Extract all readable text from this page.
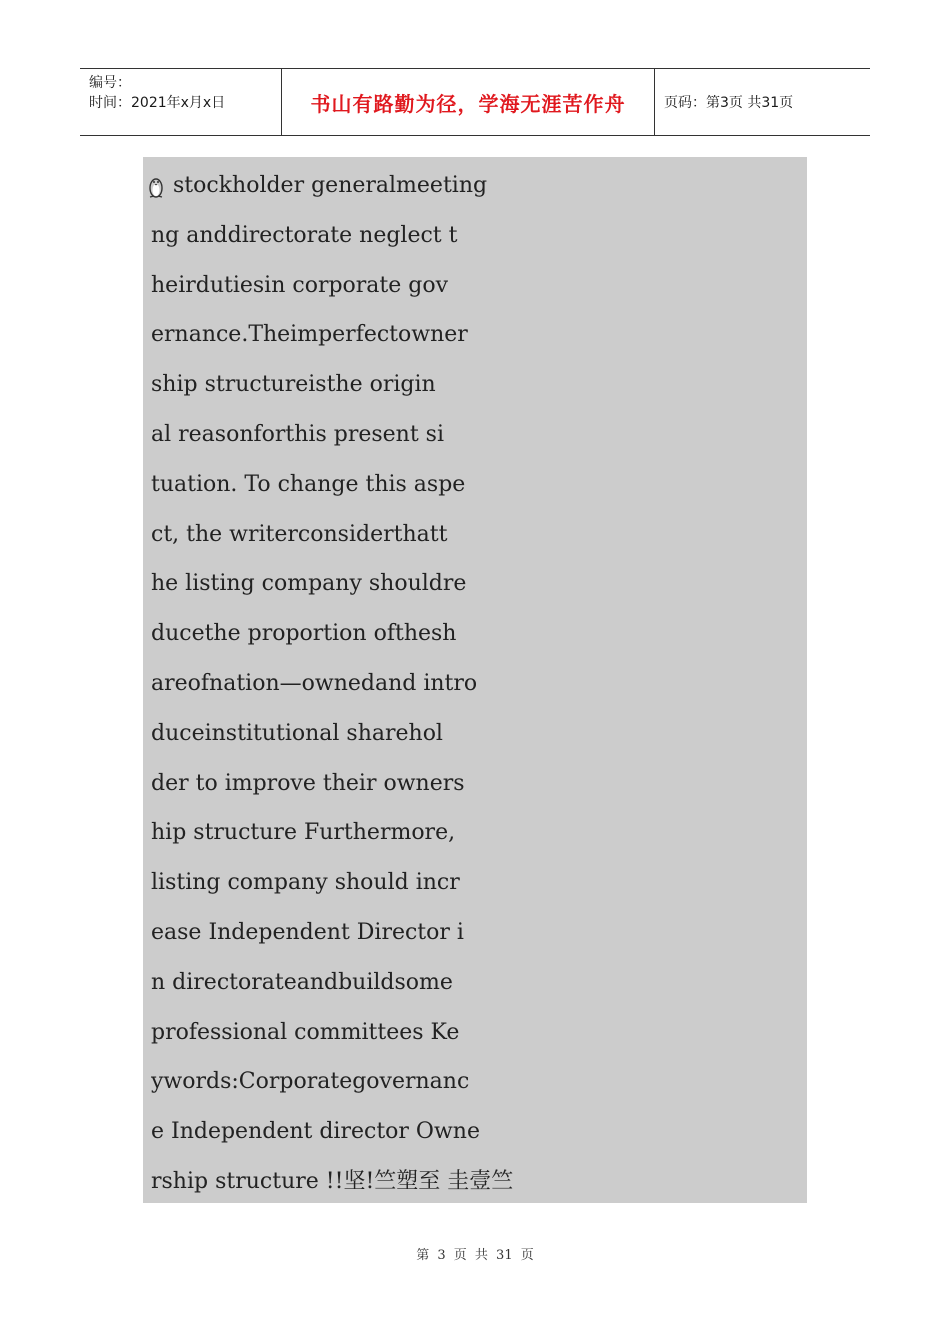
编号：
时间：2021年x月x日	书山有路勤为径，学海无涯苦作舟	页码：第3页 共31页
stockholder generalmeeting
ng anddirectorate neglect t
heirdutiesin corporate gov
ernance.Theimperfectowner
ship structureisthe origin
al reasonforthis present si
tuation. To change this aspe
ct, the writerconsiderthatt
he listing company shouldre
ducethe proportion ofthesh
areofnation—ownedand intro
duceinstitutional sharehol
der to improve their owners
hip structure Furthermore,
listing company should incr
ease Independent Director i
n directorateandbuildsome
professional committees Ke
ywords:Corporategovernanc
e Independent director Owne
rship structure !!坚!竺塑至 圭壹竺
第 3 页 共 31 页
